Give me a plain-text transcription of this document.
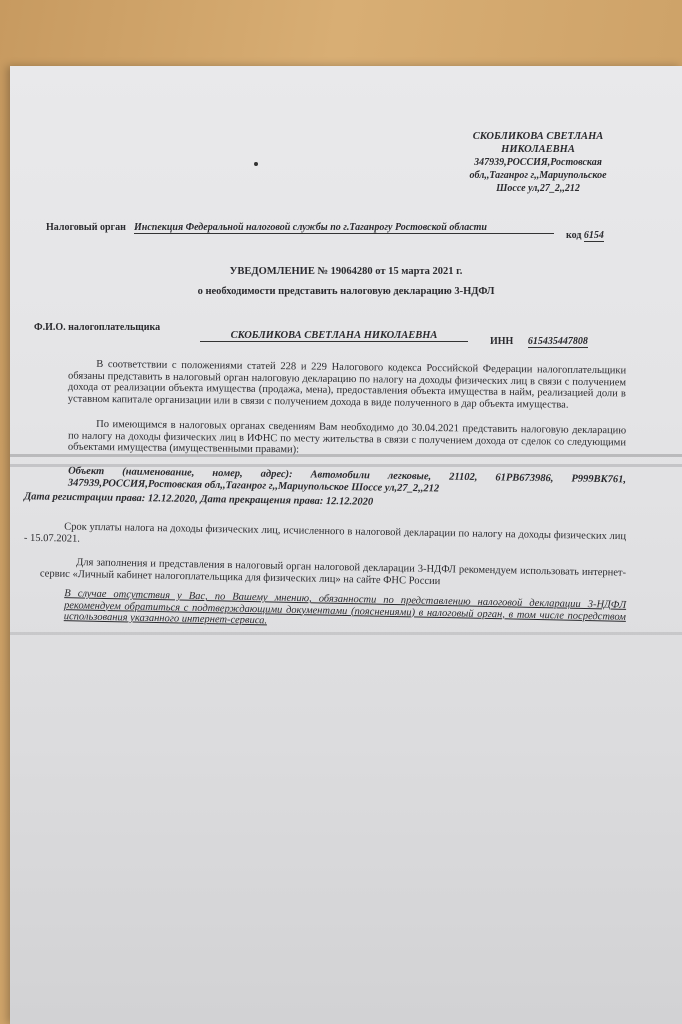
СКОБЛИКОВА СВЕТЛАНА НИКОЛАЕВНА
347939,РОССИЯ,Ростовская обл,,Таганрог г,,Мариупольское Шоссе ул,27_2,,212
Налоговый орган Инспекция Федеральной налоговой службы по г.Таганрогу Ростовской области
код 6154
УВЕДОМЛЕНИЕ № 19064280 от 15 марта 2021 г.
о необходимости представить налоговую декларацию 3-НДФЛ
Ф.И.О. налогоплательщика
СКОБЛИКОВА СВЕТЛАНА НИКОЛАЕВНА
ИНН 615435447808
В соответствии с положениями статей 228 и 229 Налогового кодекса Российской Федерации налогоплательщики обязаны представить в налоговый орган налоговую декларацию по налогу на доходы физических лиц в связи с получением дохода от реализации объекта имущества (продажа, мена), предоставления объекта имущества в найм, реализацией доли в уставном капитале организации или в связи с получением дохода в виде полученного в дар объекта имущества.
По имеющимся в налоговых органах сведениям Вам необходимо до 30.04.2021 представить налоговую декларацию по налогу на доходы физических лиц в ИФНС по месту жительства в связи с получением дохода от сделок со следующими объектами имущества (имущественными правами):
Объект (наименование, номер, адрес): Автомобили легковые, 21102, 61РВ673986, Р999ВК761, 347939,РОССИЯ,Ростовская обл,,Таганрог г,,Мариупольское Шоссе ул,27_2,,212
Дата регистрации права: 12.12.2020, Дата прекращения права: 12.12.2020
Срок уплаты налога на доходы физических лиц, исчисленного в налоговой декларации по налогу на доходы физических лиц - 15.07.2021.
Для заполнения и представления в налоговый орган налоговой декларации 3-НДФЛ рекомендуем использовать интернет-сервис «Личный кабинет налогоплательщика для физических лиц» на сайте ФНС России
В случае отсутствия у Вас, по Вашему мнению, обязанности по представлению налоговой декларации 3-НДФЛ рекомендуем обратиться с подтверждающими документами (пояснениями) в налоговый орган, в том числе посредством использования указанного интернет-сервиса.
